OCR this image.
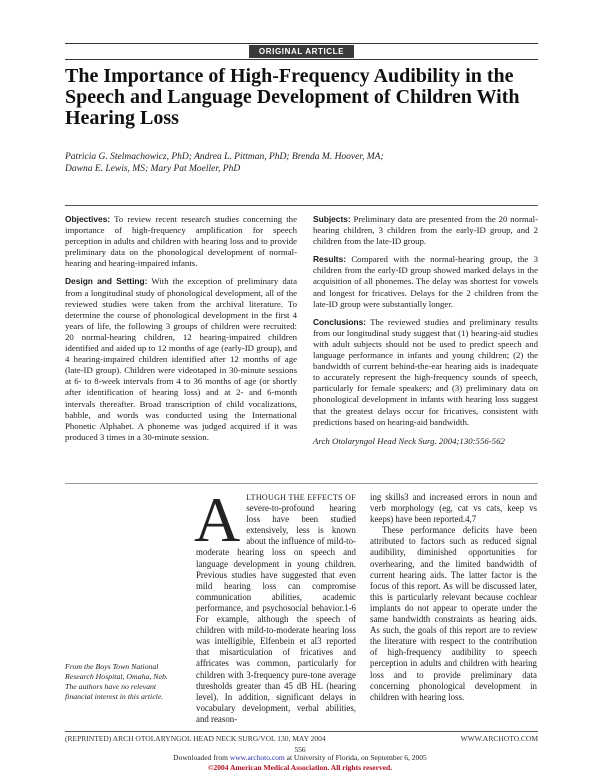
ORIGINAL ARTICLE
The Importance of High-Frequency Audibility in the Speech and Language Development of Children With Hearing Loss
Patricia G. Stelmachowicz, PhD; Andrea L. Pittman, PhD; Brenda M. Hoover, MA;
Dawna E. Lewis, MS; Mary Pat Moeller, PhD

Objectives: To review recent research studies concerning the importance of high-frequency amplification for speech perception in adults and children with hearing loss and to provide preliminary data on the phonological development of normal-hearing and hearing-impaired infants.

Design and Setting: With the exception of preliminary data from a longitudinal study of phonological development, all of the reviewed studies were taken from the archival literature. To determine the course of phonological development in the first 4 years of life, the following 3 groups of children were recruited: 20 normal-hearing children, 12 hearing-impaired children identified and aided up to 12 months of age (early-ID group), and 4 hearing-impaired children identified after 12 months of age (late-ID group). Children were videotaped in 30-minute sessions at 6- to 8-week intervals from 4 to 36 months of age (or shortly after identification of hearing loss) and at 2- and 6-month intervals thereafter. Broad transcription of child vocalizations, babble, and words was conducted using the International Phonetic Alphabet. A phoneme was judged acquired if it was produced 3 times in a 30-minute session.

Subjects: Preliminary data are presented from the 20 normal-hearing children, 3 children from the early-ID group, and 2 children from the late-ID group.

Results: Compared with the normal-hearing group, the 3 children from the early-ID group showed marked delays in the acquisition of all phonemes. The delay was shortest for vowels and longest for fricatives. Delays for the 2 children from the late-ID group were substantially longer.

Conclusions: The reviewed studies and preliminary results from our longitudinal study suggest that (1) hearing-aid studies with adult subjects should not be used to predict speech and language performance in infants and young children; (2) the bandwidth of current behind-the-ear hearing aids is inadequate to accurately represent the high-frequency sounds of speech, particularly for female speakers; and (3) preliminary data on phonological development in infants with hearing loss suggest that the greatest delays occur for fricatives, consistent with predictions based on hearing-aid bandwidth.

Arch Otolaryngol Head Neck Surg. 2004;130:556-562

A LTHOUGH THE EFFECTS OF severe-to-profound hearing loss have been studied extensively, less is known about the influence of mild-to-moderate hearing loss on speech and language development in young children. Previous studies have suggested that even mild hearing loss can compromise communication abilities, academic performance, and psychosocial behavior.1-6 For example, although the speech of children with mild-to-moderate hearing loss was intelligible, Elfenbein et al3 reported that misarticulation of fricatives and affricates was common, particularly for children with 3-frequency pure-tone average thresholds greater than 45 dB HL (hearing level). In addition, significant delays in vocabulary development, verbal abilities, and reason-

ing skills3 and increased errors in noun and verb morphology (eg, cat vs cats, keep vs keeps) have been reported.4,7

These performance deficits have been attributed to factors such as reduced signal audibility, diminished opportunities for overhearing, and the limited bandwidth of current hearing aids. The latter factor is the focus of this report. As will be discussed later, this is particularly relevant because cochlear implants do not appear to operate under the same bandwidth constraints as hearing aids. As such, the goals of this report are to review the literature with respect to the contribution of high-frequency audibility to speech perception in adults and children with hearing loss and to provide preliminary data concerning phonological development in children with hearing loss.

From the Boys Town National Research Hospital, Omaha, Neb. The authors have no relevant financial interest in this article.
(REPRINTED) ARCH OTOLARYNGOL HEAD NECK SURG/VOL 130, MAY 2004	WWW.ARCHOTO.COM
556
Downloaded from www.archoto.com at University of Florida, on September 6, 2005
©2004 American Medical Association. All rights reserved.
